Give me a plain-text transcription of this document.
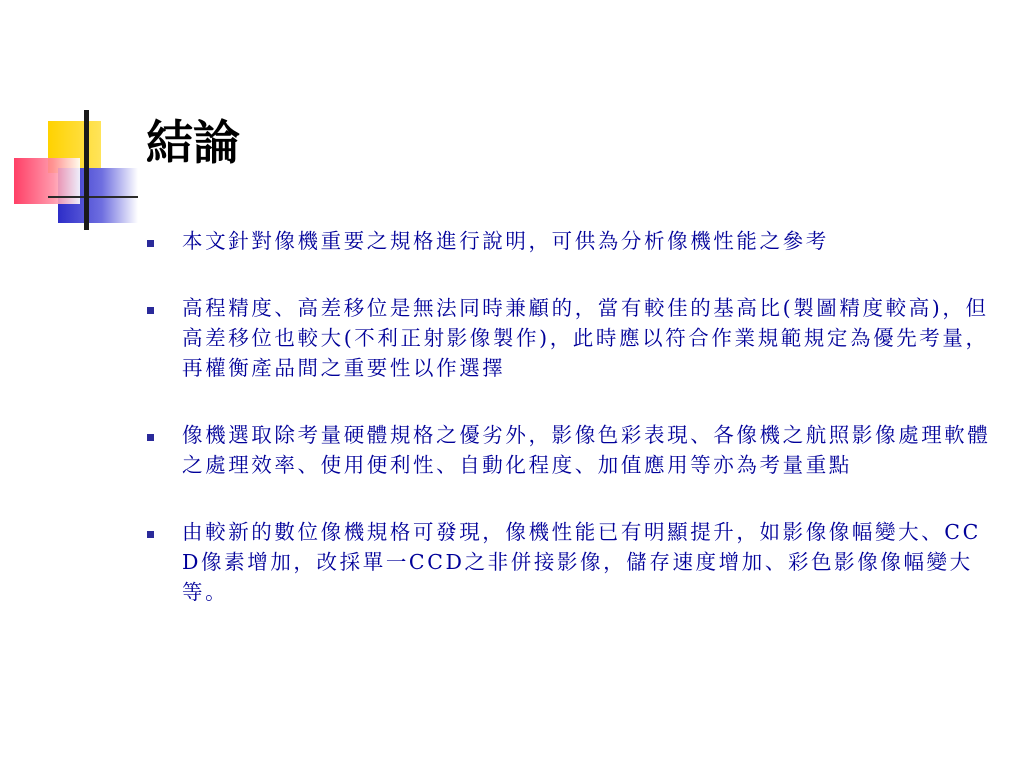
結論
本文針對像機重要之規格進行說明，可供為分析像機性能之參考
高程精度、高差移位是無法同時兼顧的，當有較佳的基高比(製圖精度較高)，但高差移位也較大(不利正射影像製作)，此時應以符合作業規範規定為優先考量，再權衡產品間之重要性以作選擇
像機選取除考量硬體規格之優劣外，影像色彩表現、各像機之航照影像處理軟體之處理效率、使用便利性、自動化程度、加值應用等亦為考量重點
由較新的數位像機規格可發現，像機性能已有明顯提升，如影像像幅變大、CCD像素增加，改採單一CCD之非併接影像，儲存速度增加、彩色影像像幅變大等。
